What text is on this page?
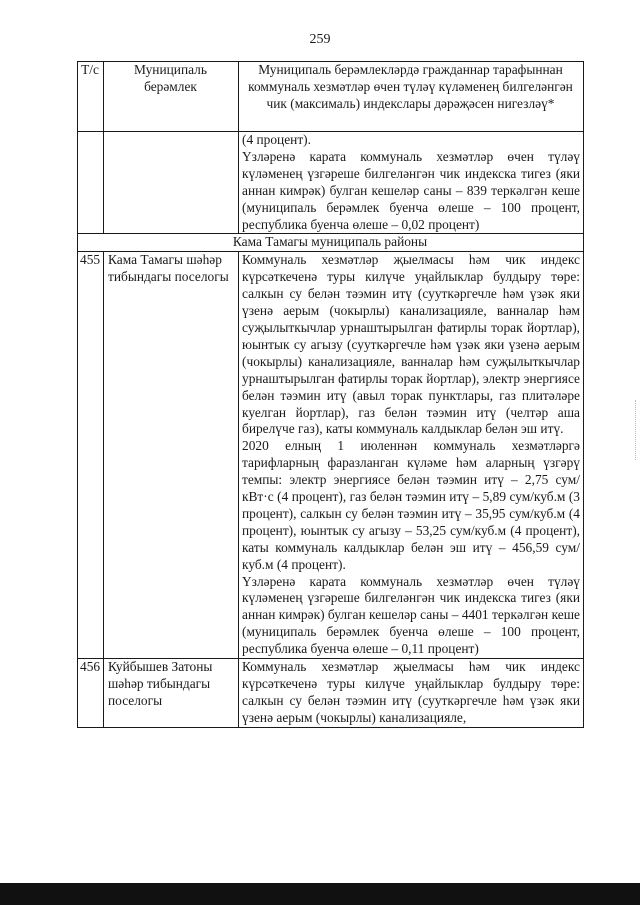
259
Т/с	Муниципаль берәмлек	Муниципаль берәмлекләрдә гражданнар тарафыннан коммуналь хезмәтләр өчен түләү күләменең билгеләнгән чик (максималь) индекслары дәрәҗәсен нигезләү*

		(4 процент).

Үзләренә карата коммуналь хезмәтләр өчен түләү күләменең үзгәреше билгеләнгән чик индекска тигез (яки аннан кимрәк) булган кешеләр саны – 839 теркәлгән кеше (муниципаль берәмлек буенча өлеше – 100 процент, республика буенча өлеше – 0,02 процент)

Кама Тамагы муниципаль районы		
455	Кама Тамагы шәһәр тибындагы поселогы	Коммуналь хезмәтләр җыелмасы һәм чик индекс күрсәткеченә туры килүче уңайлыклар булдыру төре: салкын су белән тәэмин итү (сууткәргечле һәм үзәк яки үзенә аерым (чокырлы) канализацияле, ванналар һәм суҗылыткычлар урнаштырылган фатирлы торак йортлар), юынтык су агызу (сууткәргечле һәм үзәк яки үзенә аерым (чокырлы) канализацияле, ванналар һәм суҗылыткычлар урнаштырылган фатирлы торак йортлар), электр энергиясе белән тәэмин итү (авыл торак пунктлары, газ плитәләре куелган йортлар), газ белән тәэмин итү (челтәр аша бирелүче газ), каты коммуналь калдыклар белән эш итү.

2020 елның 1 июленнән коммуналь хезмәтләргә тарифларның фаразланган күләме һәм аларның үзгәрү темпы: электр энергиясе белән тәэмин итү – 2,75 сум/кВт·с (4 процент), газ белән тәэмин итү – 5,89 сум/куб.м (3 процент), салкын су белән тәэмин итү – 35,95 сум/куб.м (4 процент), юынтык су агызу – 53,25 сум/куб.м (4 процент), каты коммуналь калдыклар белән эш итү – 456,59 сум/куб.м (4 процент).

Үзләренә карата коммуналь хезмәтләр өчен түләү күләменең үзгәреше билгеләнгән чик индекска тигез (яки аннан кимрәк) булган кешеләр саны – 4401 теркәлгән кеше (муниципаль берәмлек буенча өлеше – 100 процент, республика буенча өлеше – 0,11 процент)

456	Куйбышев Затоны шәһәр тибындагы поселогы	Коммуналь хезмәтләр җыелмасы һәм чик индекс күрсәткеченә туры килүче уңайлыклар булдыру төре: салкын су белән тәэмин итү (сууткәргечле һәм үзәк яки үзенә аерым (чокырлы) канализацияле,
